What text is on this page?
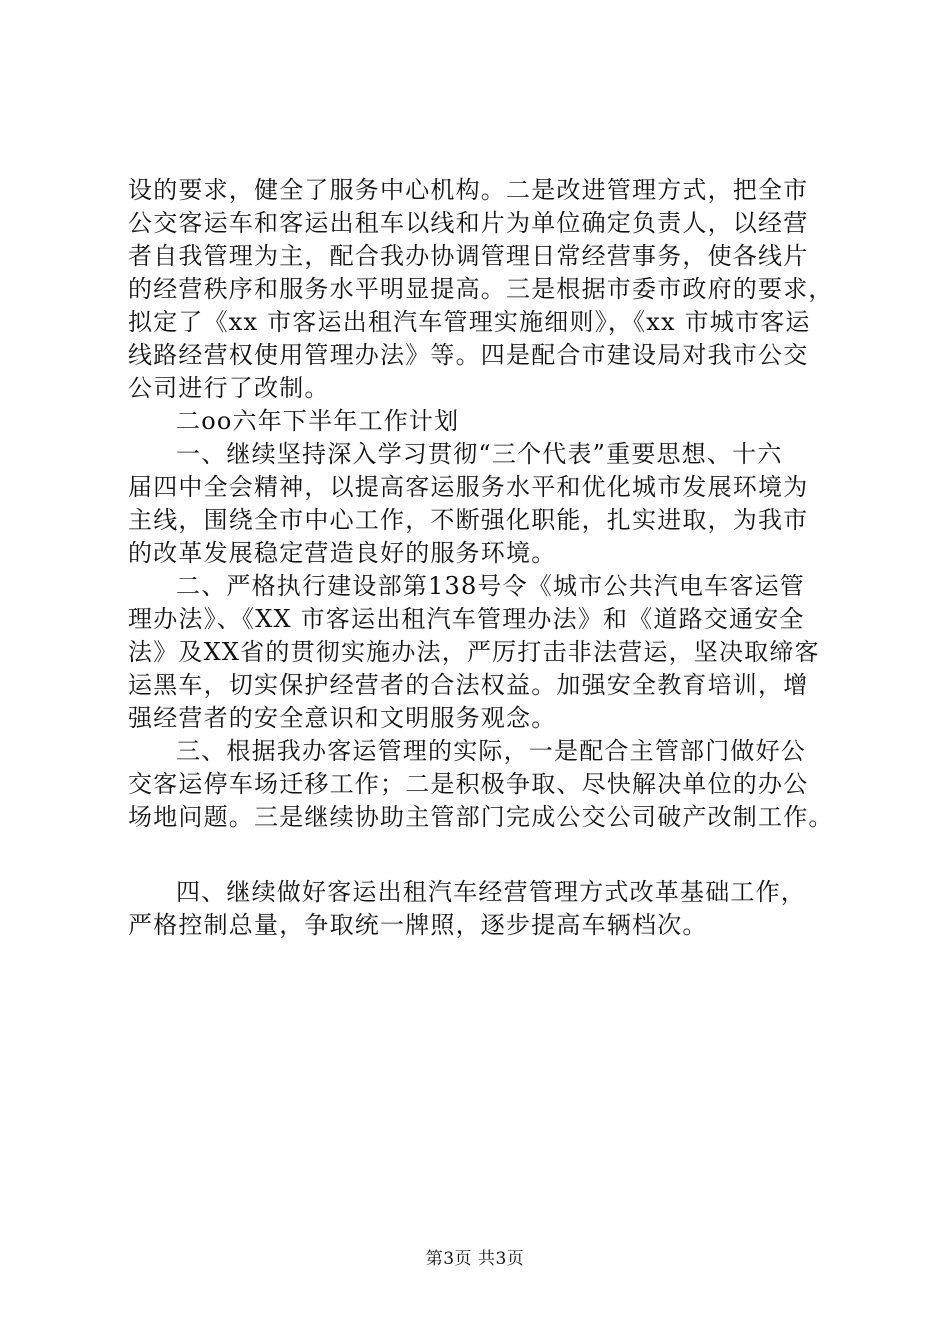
设的要求，健全了服务中心机构。二是改进管理方式，把全市
公交客运车和客运出租车以线和片为单位确定负责人，以经营
者自我管理为主，配合我办协调管理日常经营事务，使各线片
的经营秩序和服务水平明显提高。三是根据市委市政府的要求，
拟定了《xx 市客运出租汽车管理实施细则》，《xx 市城市客运
线路经营权使用管理办法》等。四是配合市建设局对我市公交
公司进行了改制。
二oo六年下半年工作计划
一、继续坚持深入学习贯彻“三个代表”重要思想、十六
届四中全会精神，以提高客运服务水平和优化城市发展环境为
主线，围绕全市中心工作，不断强化职能，扎实进取，为我市
的改革发展稳定营造良好的服务环境。
二、严格执行建设部第138号令《城市公共汽电车客运管
理办法》、《XX 市客运出租汽车管理办法》和《道路交通安全
法》及XX省的贯彻实施办法，严厉打击非法营运，坚决取缔客
运黑车，切实保护经营者的合法权益。加强安全教育培训，增
强经营者的安全意识和文明服务观念。
三、根据我办客运管理的实际，一是配合主管部门做好公
交客运停车场迁移工作；二是积极争取、尽快解决单位的办公
场地问题。三是继续协助主管部门完成公交公司破产改制工作。
四、继续做好客运出租汽车经营管理方式改革基础工作，
严格控制总量，争取统一牌照，逐步提高车辆档次。
第3页 共3页
